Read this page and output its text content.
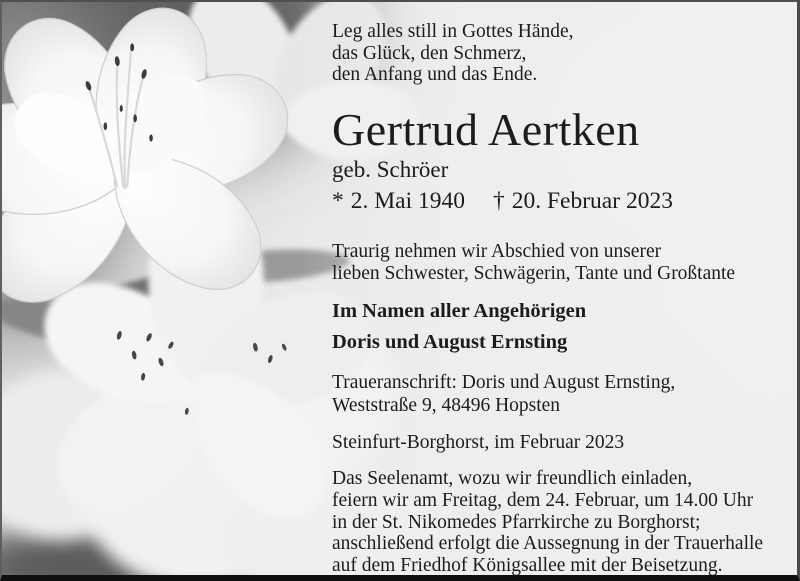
Leg alles still in Gottes Hände,
das Glück, den Schmerz,
den Anfang und das Ende.
Gertrud Aertken
geb. Schröer
* 2. Mai 1940 † 20. Februar 2023
Traurig nehmen wir Abschied von unserer
lieben Schwester, Schwägerin, Tante und Großtante
Im Namen aller Angehörigen
Doris und August Ernsting
Traueranschrift: Doris und August Ernsting,
Weststraße 9, 48496 Hopsten
Steinfurt-Borghorst, im Februar 2023
Das Seelenamt, wozu wir freundlich einladen,
feiern wir am Freitag, dem 24. Februar, um 14.00 Uhr
in der St. Nikomedes Pfarrkirche zu Borghorst;
anschließend erfolgt die Aussegnung in der Trauerhalle
auf dem Friedhof Königsallee mit der Beisetzung.
